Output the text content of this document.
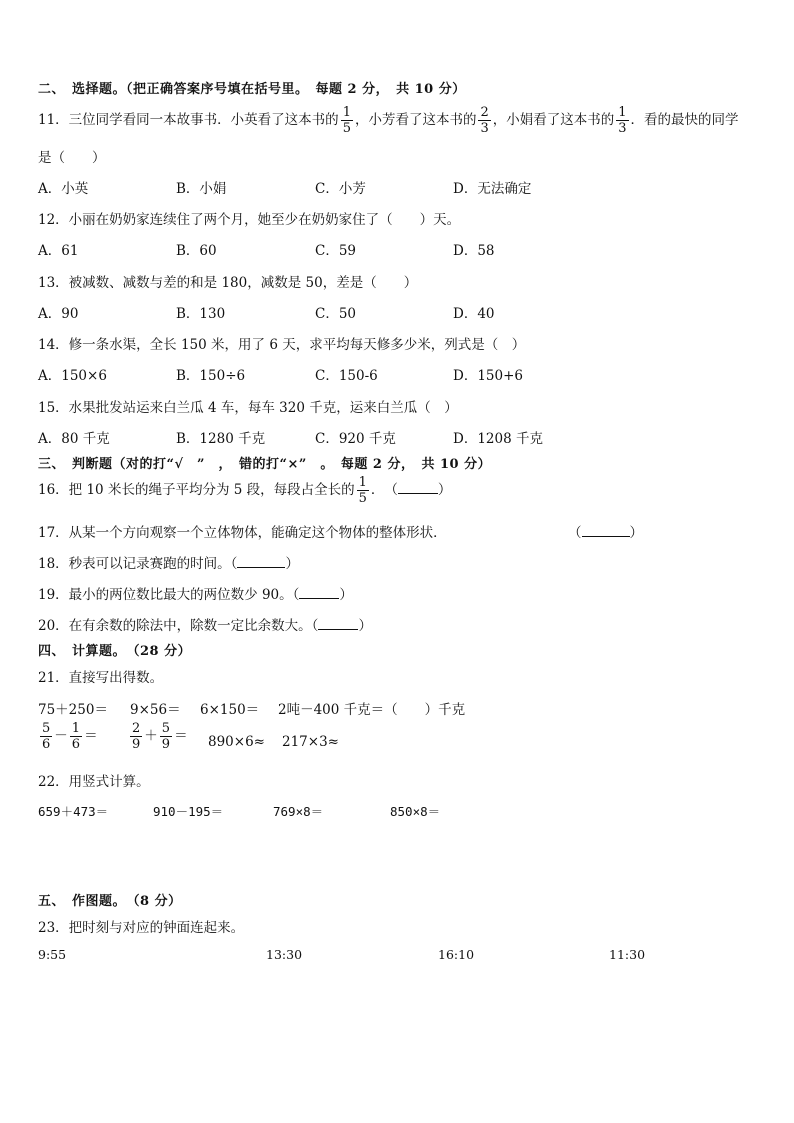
二、　选择题。（把正确答案序号填在括号里。　每题 2 分，　共 10 分）
11．三位同学看同一本故事书．小英看了这本书的 $\frac{1}{5}$ ，小芳看了这本书的 $\frac{2}{3}$ ，小娟看了这本书的 $\frac{1}{3}$ ．看的最快的同学
是（　　）
A．小英	B．小娟	C．小芳	D．无法确定
12．小丽在奶奶家连续住了两个月，她至少在奶奶家住了（　　）天。
A．61	B．60	C．59	D．58
13．被减数、减数与差的和是 180，减数是 50，差是（　　）
A．90	B．130	C．50	D．40
14．修一条水渠，全长 150 米，用了 6 天，求平均每天修多少米，列式是（　）
A．150×6	B．150÷6	C．150-6	D．150+6
15．水果批发站运来白兰瓜 4 车，每车 320 千克，运来白兰瓜（　）
A．80 千克	B．1280 千克	C．920 千克	D．1208 千克
三、　判断题（对的打“√　”　，　错的打“×”　。　每题 2 分，　共 10 分）
16．把 10 米长的绳子平均分为 5 段，每段占全长的 $\frac{1}{5}$ ．　（	）
17．从某一个方向观察一个立体物体，能确定这个物体的整体形状．	（	）
18．秒表可以记录赛跑的时间。（	）
19．最小的两位数比最大的两位数少 90。（	）
20．在有余数的除法中，除数一定比余数大。（	）
四、　计算题。　（28 分）
21．直接写出得数。
75＋250＝ 9×56＝ 6×150＝ 2吨－400 千克＝（　　）千克
$\frac{5}{6} - \frac{1}{6} = \frac{2}{9} + \frac{5}{9} = 890\times 6\approx 217\times 3\approx$
22．用竖式计算。
659＋473＝	910－195＝	769×8＝	850×8＝
五、　作图题。　（8 分）
23．把时刻与对应的钟面连起来。
9:55	13:30	16:10	11:30
